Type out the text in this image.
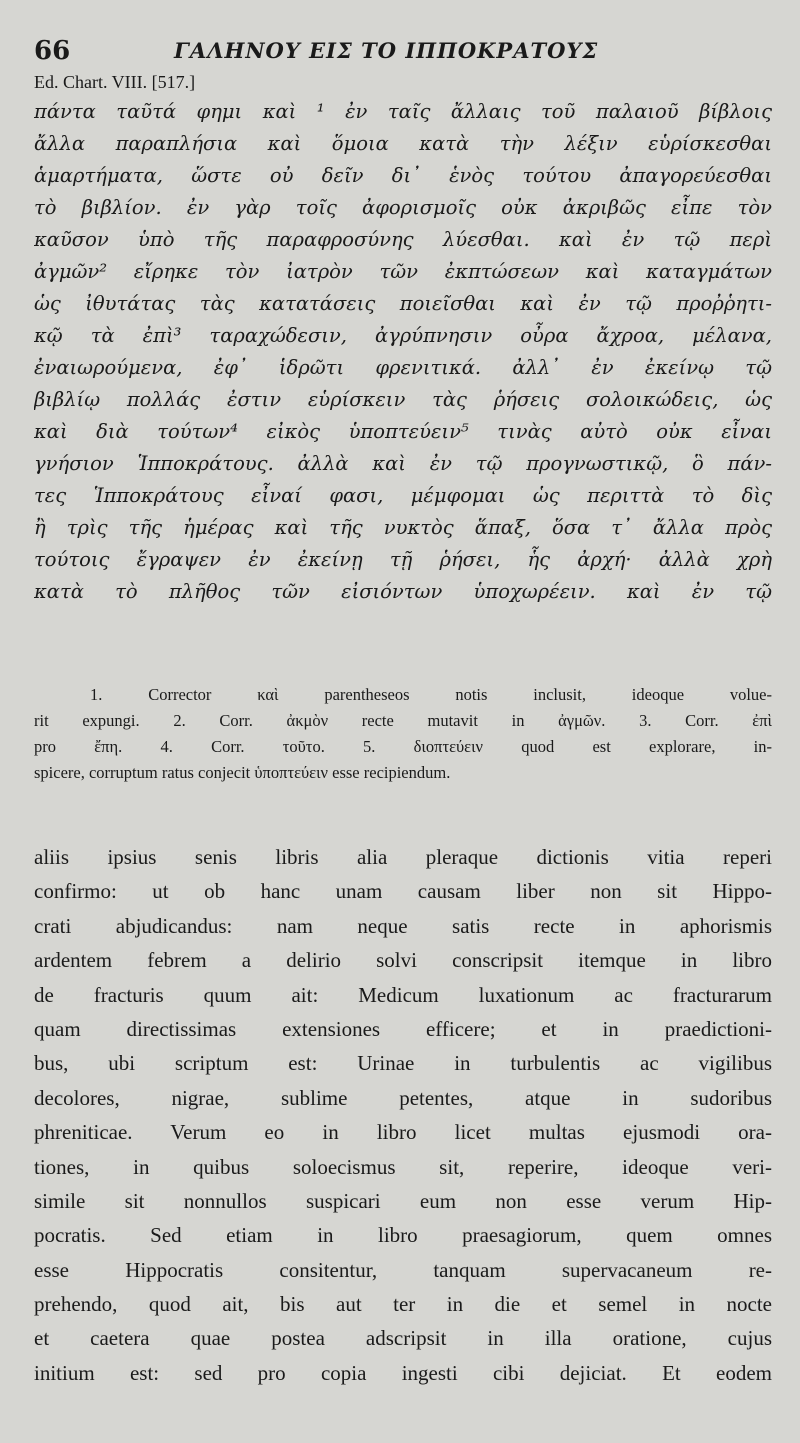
66	ΓΑΛΗΝΟΥ ΕΙΣ ΤΟ ΙΠΠΟΚΡΑΤΟΥΣ
Ed. Chart. VIII. [517.]
πάντα ταῦτά φημι καὶ ¹ ἐν ταῖς ἄλλαις τοῦ παλαιοῦ βίβλοις
ἄλλα παραπλήσια καὶ ὅμοια κατὰ τὴν λέξιν εὑρίσκεσθαι
ἁμαρτήματα, ὥστε οὐ δεῖν δι᾽ ἑνὸς τούτου ἀπαγορεύεσθαι
τὸ βιβλίον. ἐν γὰρ τοῖς ἀφορισμοῖς οὐκ ἀκριβῶς εἶπε τὸν
καῦσον ὑπὸ τῆς παραφροσύνης λύεσθαι. καὶ ἐν τῷ περὶ
ἀγμῶν² εἴρηκε τὸν ἰατρὸν τῶν ἐκπτώσεων καὶ καταγμάτων
ὡς ἰθυτάτας τὰς κατατάσεις ποιεῖσθαι καὶ ἐν τῷ προῤῥητι-
κῷ τὰ ἐπὶ³ ταραχώδεσιν, ἀγρύπνησιν οὖρα ἄχροα, μέλανα,
ἐναιωρούμενα, ἐφ᾽ ἱδρῶτι φρενιτικά. ἀλλ᾽ ἐν ἐκείνῳ τῷ
βιβλίῳ πολλάς ἐστιν εὑρίσκειν τὰς ῥήσεις σολοικώδεις, ὡς
καὶ διὰ τούτων⁴ εἰκὸς ὑποπτεύειν⁵ τινὰς αὐτὸ οὐκ εἶναι
γνήσιον Ἱπποκράτους. ἀλλὰ καὶ ἐν τῷ προγνωστικῷ, ὃ πάν-
τες Ἱπποκράτους εἶναί φασι, μέμφομαι ὡς περιττὰ τὸ δὶς
ἢ τρὶς τῆς ἡμέρας καὶ τῆς νυκτὸς ἅπαξ, ὅσα τ᾽ ἄλλα πρὸς
τούτοις ἔγραψεν ἐν ἐκείνῃ τῇ ῥήσει, ἧς ἀρχή· ἀλλὰ χρὴ
κατὰ τὸ πλῆθος τῶν εἰσιόντων ὑποχωρέειν. καὶ ἐν τῷ
1. Corrector καὶ parentheseos notis inclusit, ideoque volue-
rit expungi. 2. Corr. ἀκμὸν recte mutavit in ἀγμῶν. 3. Corr. ἐπὶ
pro ἔπη. 4. Corr. τοῦτο. 5. διοπτεύειν quod est explorare, in-
spicere, corruptum ratus conjecit ὑποπτεύειν esse recipiendum.
aliis ipsius senis libris alia pleraque dictionis vitia reperi
confirmo: ut ob hanc unam causam liber non sit Hippo-
crati abjudicandus: nam neque satis recte in aphorismis
ardentem febrem a delirio solvi conscripsit itemque in libro
de fracturis quum ait: Medicum luxationum ac fracturarum
quam directissimas extensiones efficere; et in praedictioni-
bus, ubi scriptum est: Urinae in turbulentis ac vigilibus
decolores, nigrae, sublime petentes, atque in sudoribus
phreniticae. Verum eo in libro licet multas ejusmodi ora-
tiones, in quibus soloecismus sit, reperire, ideoque veri-
simile sit nonnullos suspicari eum non esse verum Hip-
pocratis. Sed etiam in libro praesagiorum, quem omnes
esse Hippocratis consitentur, tanquam supervacaneum re-
prehendo, quod ait, bis aut ter in die et semel in nocte
et caetera quae postea adscripsit in illa oratione, cujus
initium est: sed pro copia ingesti cibi dejiciat. Et eodem
